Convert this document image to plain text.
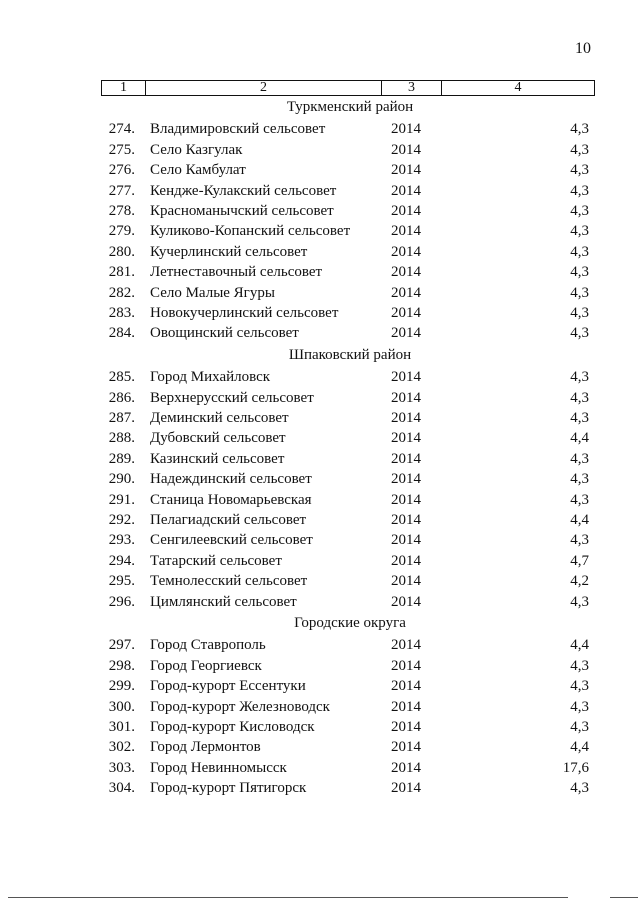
10
1	2	3	4
Туркменский район
274. Владимировский сельсовет	2014	4,3
275. Село Казгулак	2014	4,3
276. Село Камбулат	2014	4,3
277. Кендже-Кулакский сельсовет	2014	4,3
278. Красноманычский сельсовет	2014	4,3
279. Куликово-Копанский сельсовет	2014	4,3
280. Кучерлинский сельсовет	2014	4,3
281. Летнеставочный сельсовет	2014	4,3
282. Село Малые Ягуры	2014	4,3
283. Новокучерлинский сельсовет	2014	4,3
284. Овощинский сельсовет	2014	4,3
Шпаковский район
285. Город Михайловск	2014	4,3
286. Верхнерусский сельсовет	2014	4,3
287. Деминский сельсовет	2014	4,3
288. Дубовский сельсовет	2014	4,4
289. Казинский сельсовет	2014	4,3
290. Надеждинский сельсовет	2014	4,3
291. Станица Новомарьевская	2014	4,3
292. Пелагиадский сельсовет	2014	4,4
293. Сенгилеевский сельсовет	2014	4,3
294. Татарский сельсовет	2014	4,7
295. Темнолесский сельсовет	2014	4,2
296. Цимлянский сельсовет	2014	4,3
Городские округа
297. Город Ставрополь	2014	4,4
298. Город Георгиевск	2014	4,3
299. Город-курорт Ессентуки	2014	4,3
300. Город-курорт Железноводск	2014	4,3
301. Город-курорт Кисловодск	2014	4,3
302. Город Лермонтов	2014	4,4
303. Город Невинномысск	2014	17,6
304. Город-курорт Пятигорск	2014	4,3
